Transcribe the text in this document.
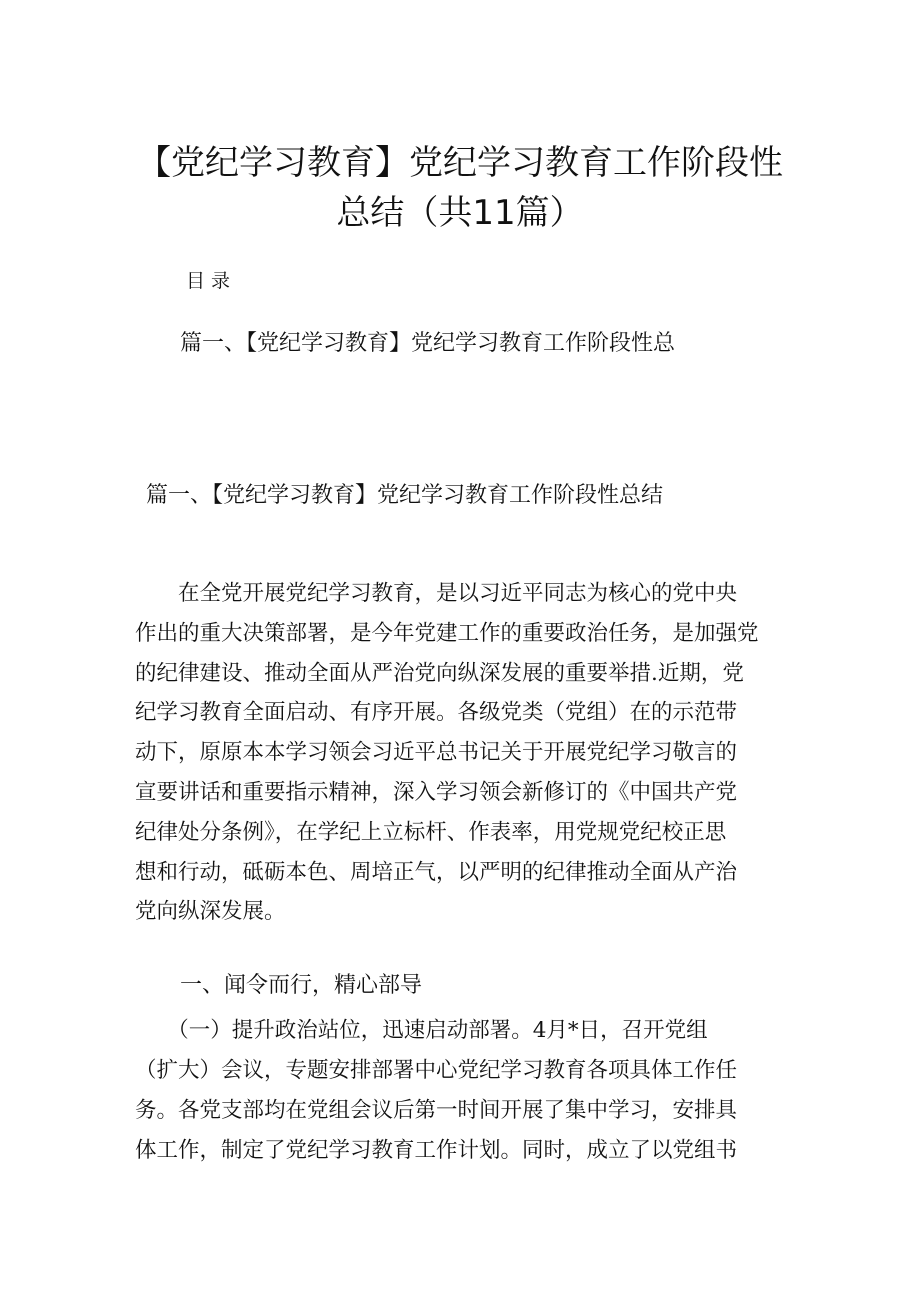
【党纪学习教育】党纪学习教育工作阶段性
总结（共11篇）
目录
篇一、【党纪学习教育】党纪学习教育工作阶段性总
篇一、【党纪学习教育】党纪学习教育工作阶段性总结
　　在全党开展党纪学习教育，是以习近平同志为核心的党中央
作出的重大决策部署，是今年党建工作的重要政治任务，是加强党
的纪律建设、推动全面从严治党向纵深发展的重要举措.近期，党
纪学习教育全面启动、有序开展。各级党类（党组）在的示范带
动下，原原本本学习领会习近平总书记关于开展党纪学习敬言的
宣要讲话和重要指示精神，深入学习领会新修订的《中国共产党
纪律处分条例》，在学纪上立标杆、作表率，用党规党纪校正思
想和行动，砥砺本色、周培正气，以严明的纪律推动全面从产治
党向纵深发展。
一、闻令而行，精心部导
　　（一）提升政治站位，迅速启动部署。4月*日，召开党组
（扩大）会议，专题安排部署中心党纪学习教育各项具体工作任
务。各党支部均在党组会议后第一时间开展了集中学习，安排具
体工作，制定了党纪学习教育工作计划。同时，成立了以党组书
